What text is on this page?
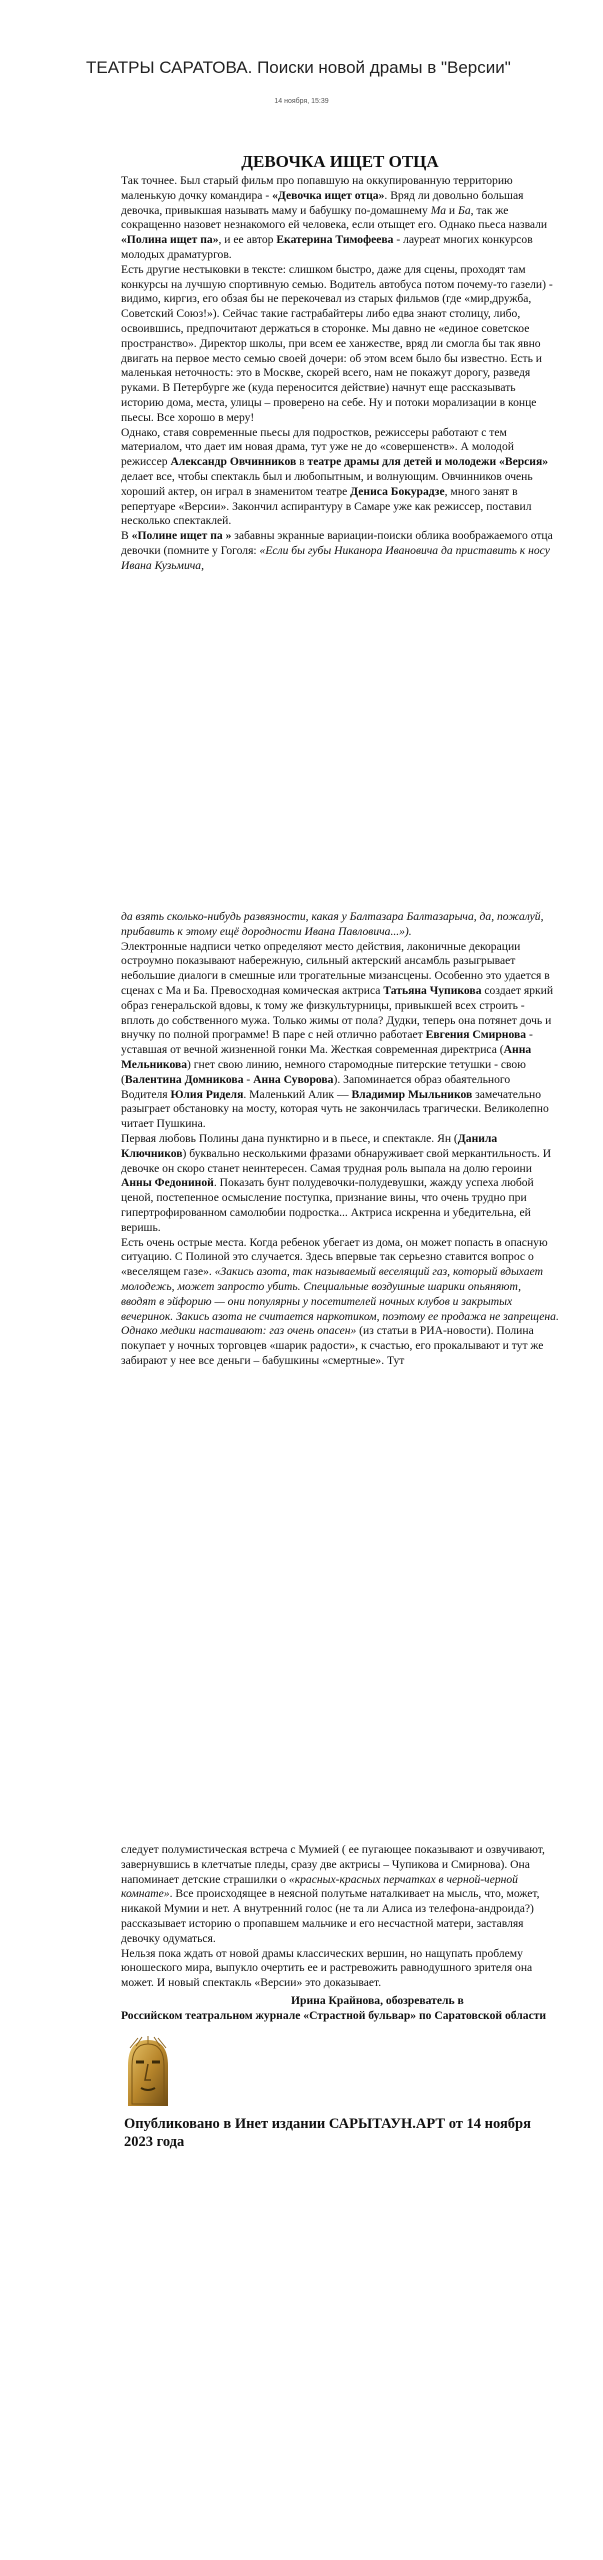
ТЕАТРЫ САРАТОВА. Поиски новой драмы в "Версии"
14 ноября, 15:39
ДЕВОЧКА ИЩЕТ ОТЦА
Так точнее. Был старый фильм про попавшую на оккупированную территорию маленькую дочку командира - «Девочка ищет отца». Вряд ли довольно большая девочка, привыкшая называть маму и бабушку по-домашнему Ма и Ба, так же сокращенно назовет незнакомого ей человека, если отыщет его. Однако пьеса назвали «Полина ищет па», и ее автор Екатерина Тимофеева - лауреат многих конкурсов молодых драматургов.
Есть другие нестыковки в тексте: слишком быстро, даже для сцены, проходят там конкурсы на лучшую спортивную семью. Водитель автобуса потом почему-то газели) - видимо, киргиз, его обзая бы не перекочевал из старых фильмов (где «мир,дружба, Советский Союз!»). Сейчас такие гастрабайтеры либо едва знают столицу, либо, освоившись, предпочитают держаться в сторонке. Мы давно не «единое советское пространство». Директор школы, при всем ее ханжестве, вряд ли смогла бы так явно двигать на первое место семью своей дочери: об этом всем было бы известно. Есть и маленькая неточность: это в Москве, скорей всего, нам не покажут дорогу, разведя руками. В Петербурге же (куда переносится действие) начнут еще рассказывать историю дома, места, улицы – проверено на себе. Ну и потоки морализации в конце пьесы. Все хорошо в меру!
Однако, ставя современные пьесы для подростков, режиссеры работают с тем материалом, что дает им новая драма, тут уже не до «совершенств». А молодой режиссер Александр Овчинников в театре драмы для детей и молодежи «Версия» делает все, чтобы спектакль был и любопытным, и волнующим. Овчинников очень хороший актер, он играл в знаменитом театре Дениса Бокурадзе, много занят в репертуаре «Версии». Закончил аспирантуру в Самаре уже как режиссер, поставил несколько спектаклей.
В «Полине ищет па » забавны экранные вариации-поиски облика воображаемого отца девочки (помните у Гоголя: «Если бы губы Никанора Ивановича да приставить к носу Ивана Кузьмича,
да взять сколько-нибудь развязности, какая у Балтазара Балтазарыча, да, пожалуй, прибавить к этому ещё дородности Ивана Павловича...»).
Электронные надписи четко определяют место действия, лаконичные декорации остроумно показывают набережную, сильный актерский ансамбль разыгрывает небольшие диалоги в смешные или трогательные мизансцены. Особенно это удается в сценах с Ма и Ба. Превосходная комическая актриса Татьяна Чупикова создает яркий образ генеральской вдовы, к тому же физкультурницы, привыкшей всех строить - вплоть до собственного мужа. Только жимы от пола? Дудки, теперь она потянет дочь и внучку по полной программе! В паре с ней отлично работает Евгения Смирнова - уставшая от вечной жизненной гонки Ма. Жесткая современная директриса (Анна Мельникова) гнет свою линию, немного старомодные питерские тетушки - свою (Валентина Домникова - Анна Суворова). Запоминается образ обаятельного Водителя Юлия Риделя. Маленький Алик — Владимир Мыльников замечательно разыграет обстановку на мосту, которая чуть не закончилась трагически. Великолепно читает Пушкина.
Первая любовь Полины дана пунктирно и в пьесе, и спектакле. Ян (Данила Ключников) буквально несколькими фразами обнаруживает свой меркантильность. И девочке он скоро станет неинтересен. Самая трудная роль выпала на долю героини Анны Федониной. Показать бунт полудевочки-полудевушки, жажду успеха любой ценой, постепенное осмысление поступка, признание вины, что очень трудно при гипертрофированном самолюбии подростка... Актриса искренна и убедительна, ей веришь.
Есть очень острые места. Когда ребенок убегает из дома, он может попасть в опасную ситуацию. С Полиной это случается. Здесь впервые так серьезно ставится вопрос о «веселящем газе». «Закись азота, так называемый веселящий газ, который вдыхает молодежь, может запросто убить. Специальные воздушные шарики опьяняют, вводят в эйфорию — они популярны у посетителей ночных клубов и закрытых вечеринок. Закись азота не считается наркотиком, поэтому ее продажа не запрещена. Однако медики настаивают: газ очень опасен» (из статьи в РИА-новости). Полина покупает у ночных торговцев «шарик радости», к счастью, его прокалывают и тут же забирают у нее все деньги – бабушкины «смертные». Тут
следует полумистическая встреча с Мумией ( ее пугающее показывают и озвучивают, завернувшись в клетчатые пледы, сразу две актрисы – Чупикова и Смирнова). Она напоминает детские страшилки о «красных-красных перчатках в черной-черной комнате». Все происходящее в неясной полутьме наталкивает на мысль, что, может, никакой Мумии и нет. А внутренний голос (не та ли Алиса из телефона-андроида?) рассказывает историю о пропавшем мальчике и его несчастной матери, заставляя девочку одуматься.
Нельзя пока ждать от новой драмы классических вершин, но нащупать проблему юношеского мира, выпукло очертить ее и растревожить равнодушного зрителя она может. И новый спектакль «Версии» это доказывает.
Ирина Крайнова, обозреватель в
Российском театральном журнале «Страстной бульвар» по Саратовской области
Опубликовано в Инет издании САРЫТАУН.АРТ от 14 ноября 2023 года
